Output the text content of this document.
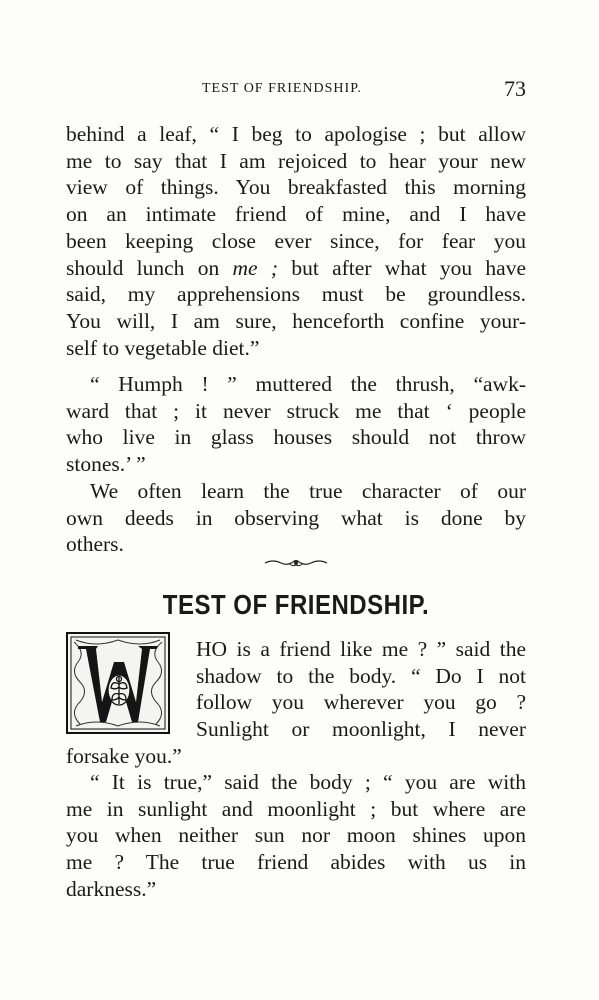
TEST OF FRIENDSHIP.	73
behind a leaf, “ I beg to apologise ; but allow
me to say that I am rejoiced to hear your new
view of things. You breakfasted this morning
on an intimate friend of mine, and I have
been keeping close ever since, for fear you
should lunch on me ; but after what you have
said, my apprehensions must be groundless.
You will, I am sure, henceforth confine your-
self to vegetable diet.”
“ Humph ! ” muttered the thrush, “awk-
ward that ; it never struck me that ‘ people
who live in glass houses should not throw
stones.’ ”
We often learn the true character of our
own deeds in observing what is done by
others.
TEST OF FRIENDSHIP.
HO is a friend like me ? ” said the
shadow to the body. “ Do I not
follow you wherever you go ?
Sunlight or moonlight, I never
forsake you.”
“ It is true,” said the body ; “ you are with
me in sunlight and moonlight ; but where are
you when neither sun nor moon shines upon
me ? The true friend abides with us in
darkness.”
